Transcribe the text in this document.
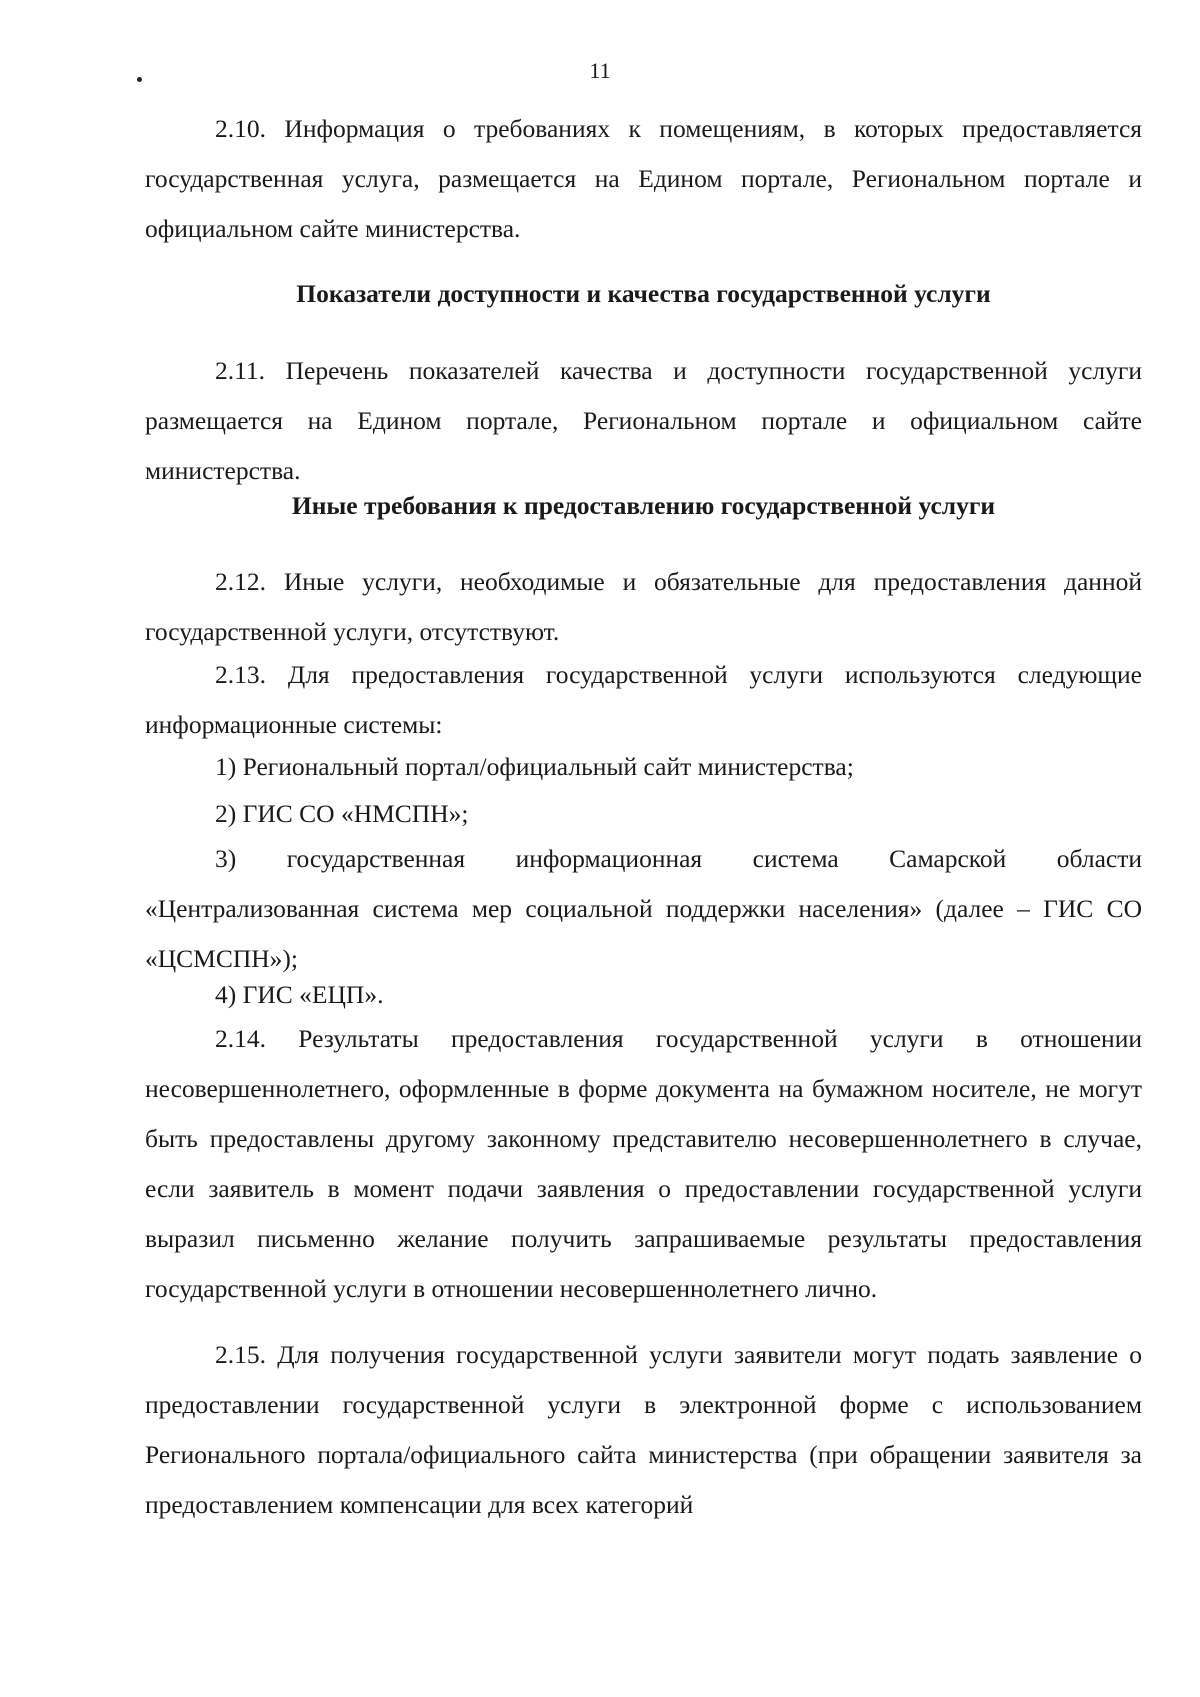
11
2.10. Информация о требованиях к помещениям, в которых предоставляется государственная услуга, размещается на Едином портале, Региональном портале и официальном сайте министерства.
Показатели доступности и качества государственной услуги
2.11. Перечень показателей качества и доступности государственной услуги размещается на Едином портале, Региональном портале и официальном сайте министерства.
Иные требования к предоставлению государственной услуги
2.12. Иные услуги, необходимые и обязательные для предоставления данной государственной услуги, отсутствуют.
2.13. Для предоставления государственной услуги используются следующие информационные системы:
1) Региональный портал/официальный сайт министерства;
2) ГИС СО «НМСПН»;
3) государственная информационная система Самарской области «Централизованная система мер социальной поддержки населения» (далее – ГИС СО «ЦСМСПН»);
4) ГИС «ЕЦП».
2.14. Результаты предоставления государственной услуги в отношении несовершеннолетнего, оформленные в форме документа на бумажном носителе, не могут быть предоставлены другому законному представителю несовершеннолетнего в случае, если заявитель в момент подачи заявления о предоставлении государственной услуги выразил письменно желание получить запрашиваемые результаты предоставления государственной услуги в отношении несовершеннолетнего лично.
2.15. Для получения государственной услуги заявители могут подать заявление о предоставлении государственной услуги в электронной форме с использованием Регионального портала/официального сайта министерства (при обращении заявителя за предоставлением компенсации для всех категорий
